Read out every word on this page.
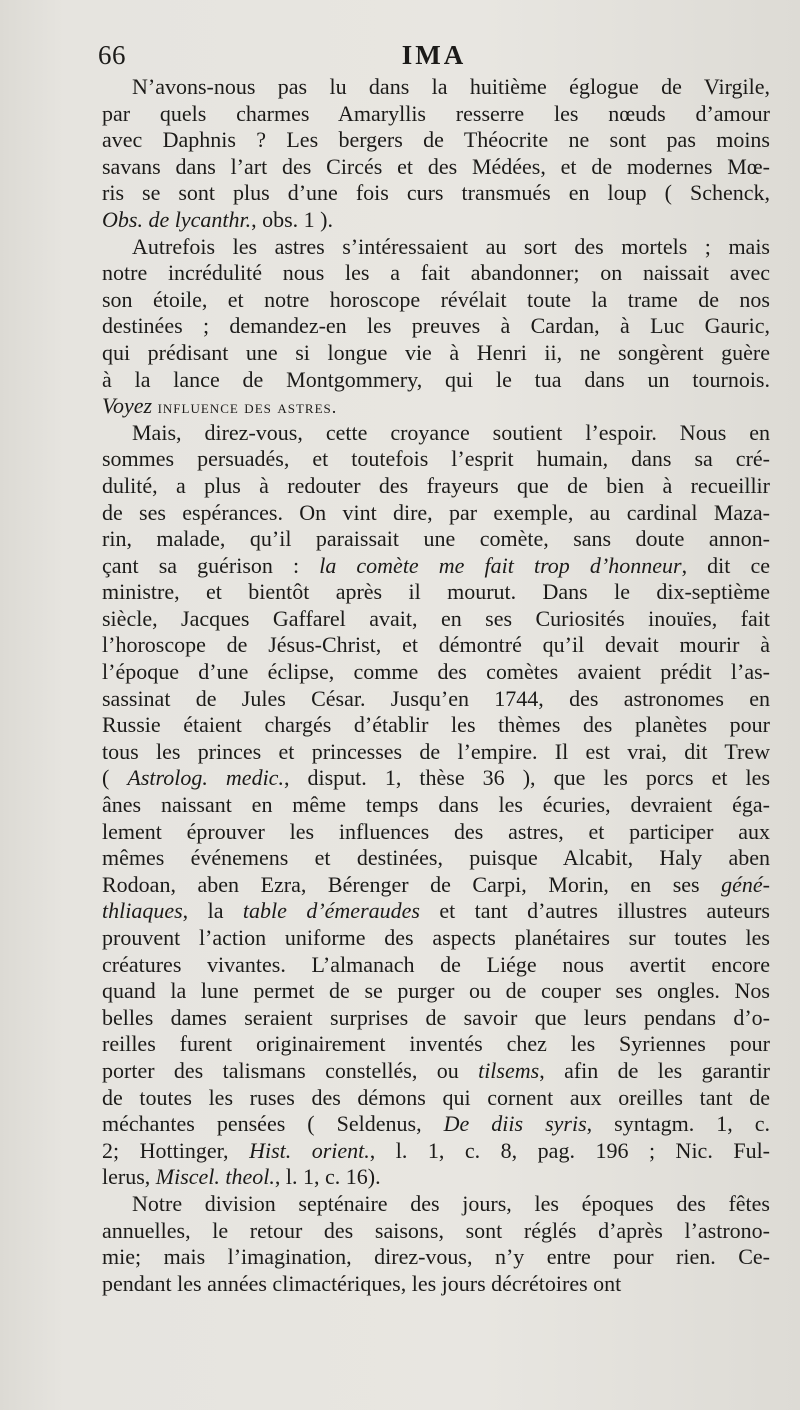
66	IMA
N’avons-nous pas lu dans la huitième églogue de Virgile,
par quels charmes Amaryllis resserre les nœuds d’amour
avec Daphnis ? Les bergers de Théocrite ne sont pas moins
savans dans l’art des Circés et des Médées, et de modernes Mœ-
ris se sont plus d’une fois curs transmués en loup ( Schenck,
Obs. de lycanthr., obs. 1 ).
Autrefois les astres s’intéressaient au sort des mortels ; mais
notre incrédulité nous les a fait abandonner; on naissait avec
son étoile, et notre horoscope révélait toute la trame de nos
destinées ; demandez-en les preuves à Cardan, à Luc Gauric,
qui prédisant une si longue vie à Henri ii, ne songèrent guère
à la lance de Montgommery, qui le tua dans un tournois.
Voyez influence des astres.
Mais, direz-vous, cette croyance soutient l’espoir. Nous en
sommes persuadés, et toutefois l’esprit humain, dans sa cré-
dulité, a plus à redouter des frayeurs que de bien à recueillir
de ses espérances. On vint dire, par exemple, au cardinal Maza-
rin, malade, qu’il paraissait une comète, sans doute annon-
çant sa guérison : la comète me fait trop d’honneur, dit ce
ministre, et bientôt après il mourut. Dans le dix-septième
siècle, Jacques Gaffarel avait, en ses Curiosités inouïes, fait
l’horoscope de Jésus-Christ, et démontré qu’il devait mourir à
l’époque d’une éclipse, comme des comètes avaient prédit l’as-
sassinat de Jules César. Jusqu’en 1744, des astronomes en
Russie étaient chargés d’établir les thèmes des planètes pour
tous les princes et princesses de l’empire. Il est vrai, dit Trew
( Astrolog. medic., disput. 1, thèse 36 ), que les porcs et les
ânes naissant en même temps dans les écuries, devraient éga-
lement éprouver les influences des astres, et participer aux
mêmes événemens et destinées, puisque Alcabit, Haly aben
Rodoan, aben Ezra, Bérenger de Carpi, Morin, en ses géné-
thliaques, la table d’émeraudes et tant d’autres illustres auteurs
prouvent l’action uniforme des aspects planétaires sur toutes les
créatures vivantes. L’almanach de Liége nous avertit encore
quand la lune permet de se purger ou de couper ses ongles. Nos
belles dames seraient surprises de savoir que leurs pendans d’o-
reilles furent originairement inventés chez les Syriennes pour
porter des talismans constellés, ou tilsems, afin de les garantir
de toutes les ruses des démons qui cornent aux oreilles tant de
méchantes pensées ( Seldenus, De diis syris, syntagm. 1, c.
2; Hottinger, Hist. orient., l. 1, c. 8, pag. 196 ; Nic. Ful-
lerus, Miscel. theol., l. 1, c. 16).
Notre division septénaire des jours, les époques des fêtes
annuelles, le retour des saisons, sont réglés d’après l’astrono-
mie; mais l’imagination, direz-vous, n’y entre pour rien. Ce-
pendant les années climactériques, les jours décrétoires ont
